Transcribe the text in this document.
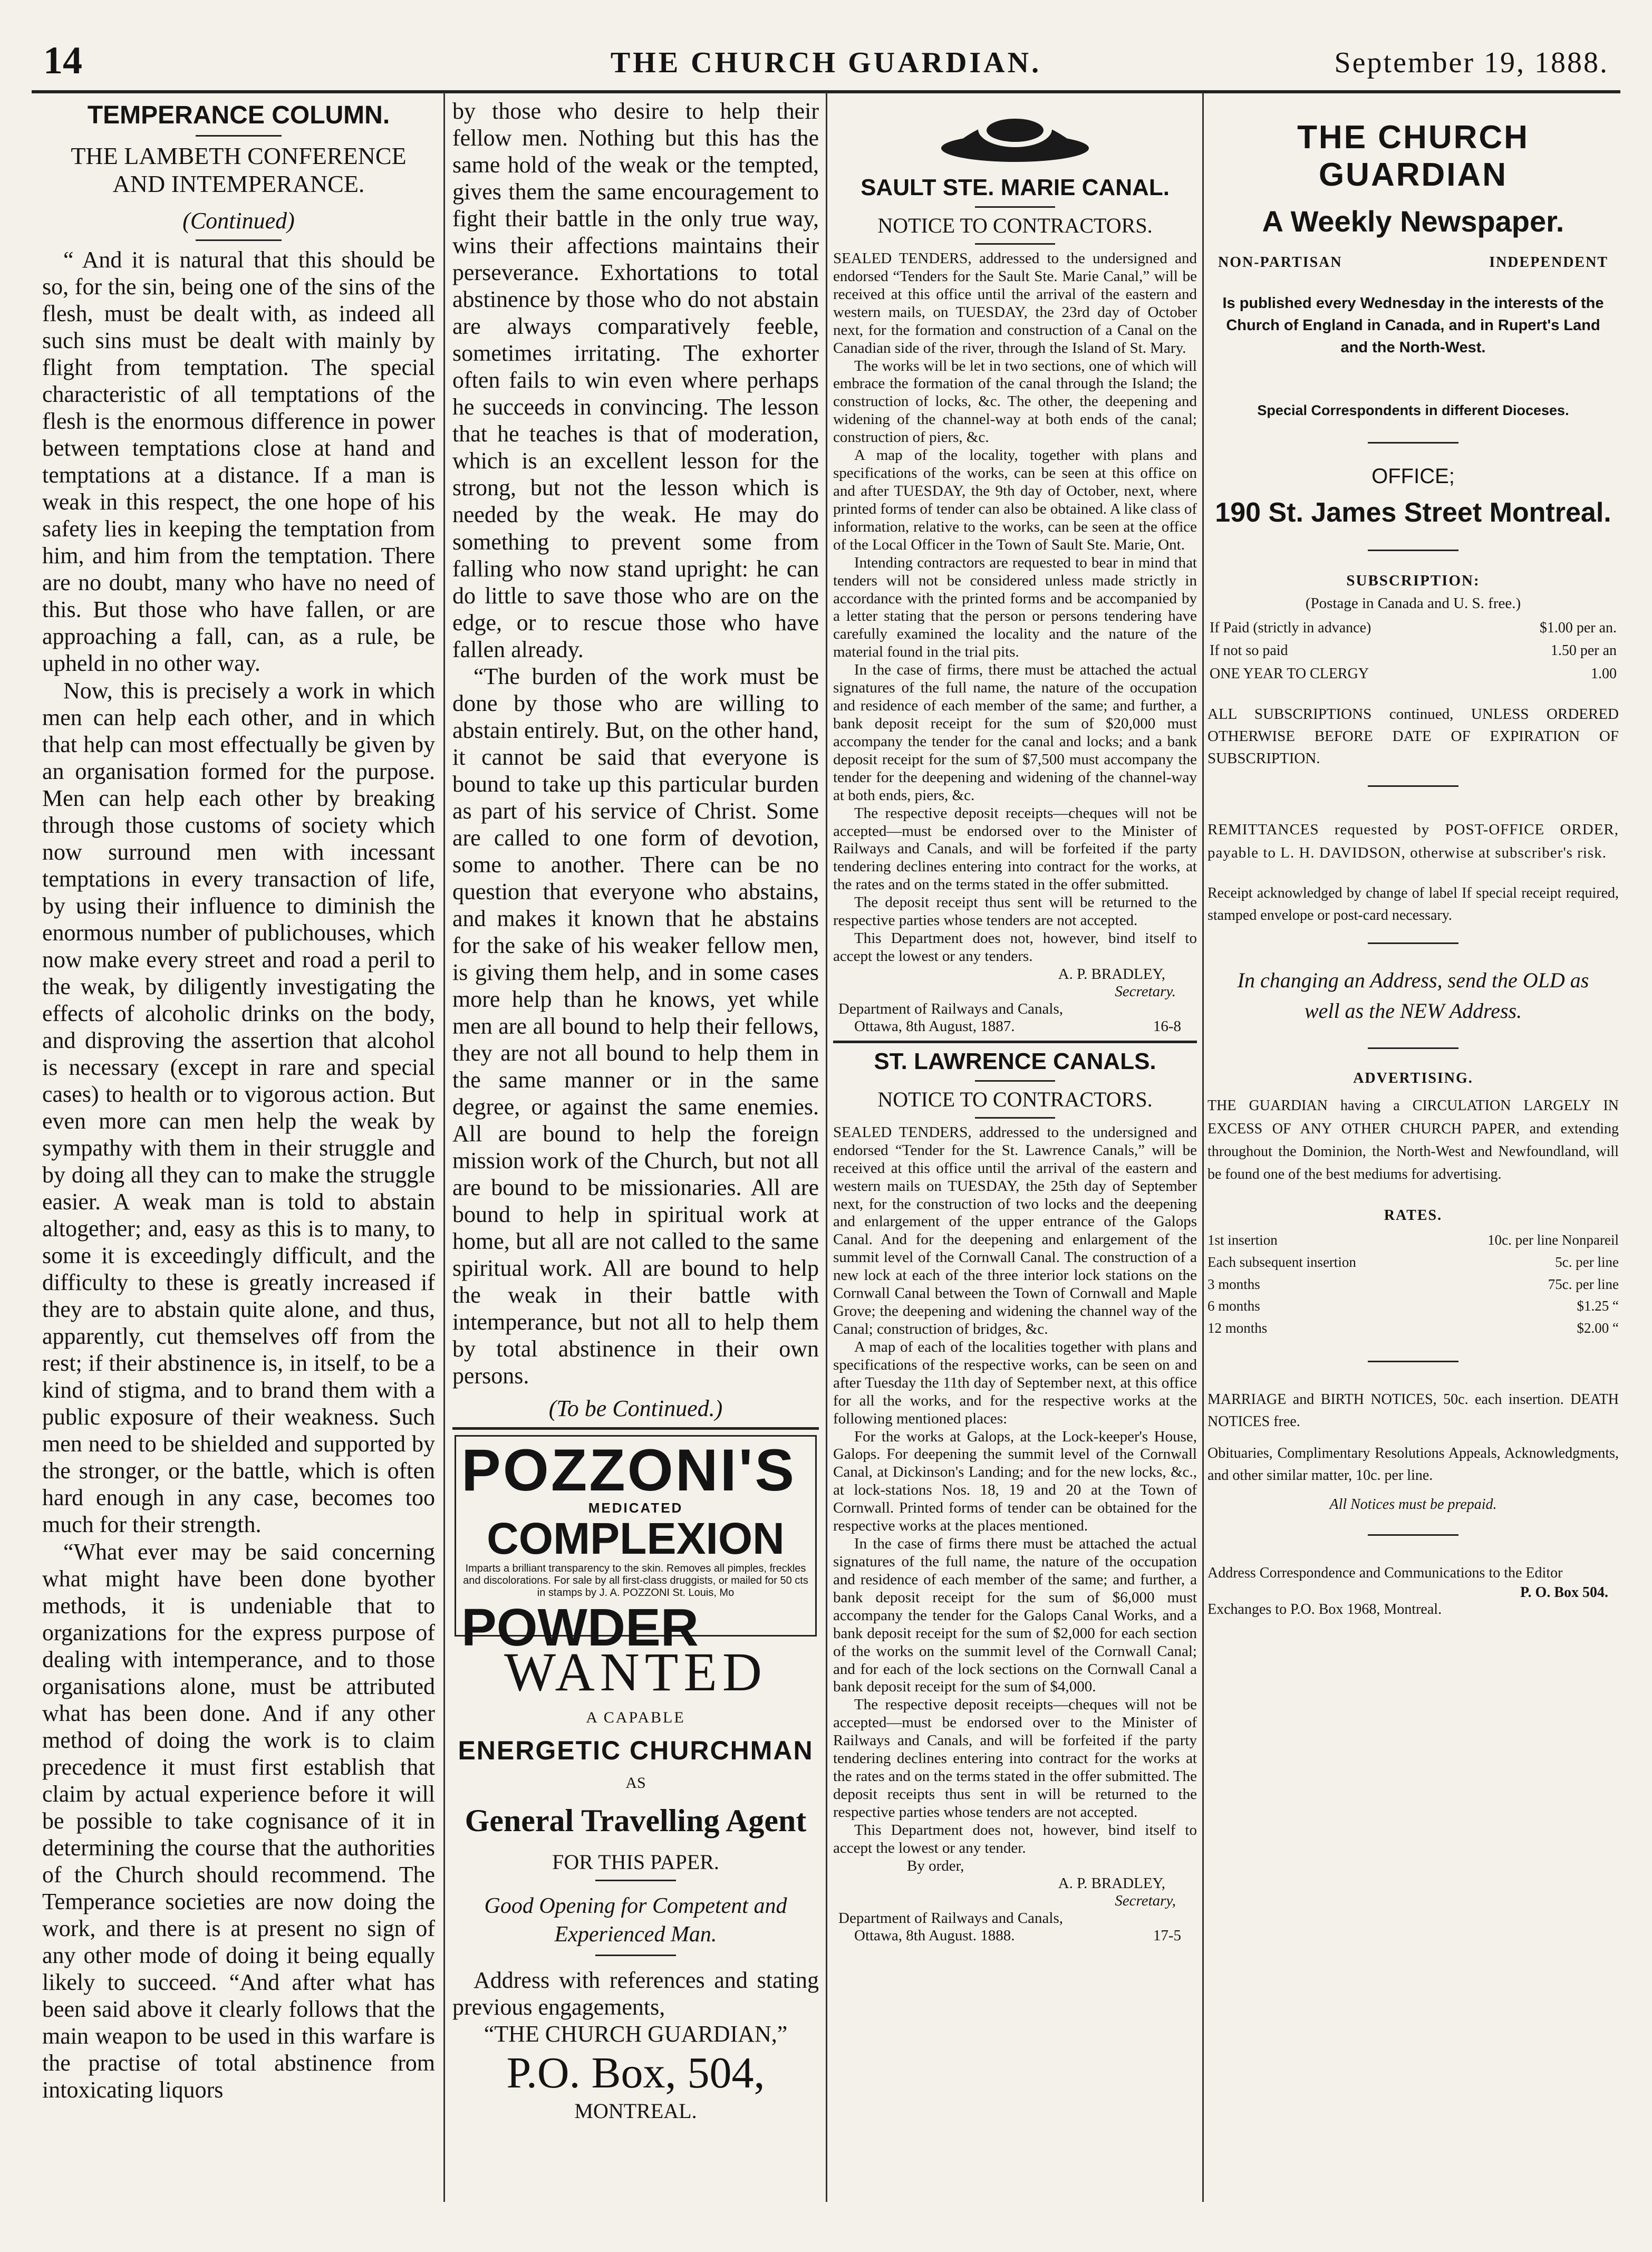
14	THE CHURCH GUARDIAN.	September 19, 1888.
TEMPERANCE COLUMN.
THE LAMBETH CONFERENCE
AND INTEMPERANCE.
(Continued)

“ And it is natural that this should be so, for the sin, being one of the sins of the flesh, must be dealt with, as indeed all such sins must be dealt with mainly by flight from temptation. The special characteristic of all temptations of the flesh is the enormous difference in power between temptations close at hand and temptations at a distance. If a man is weak in this respect, the one hope of his safety lies in keeping the temptation from him, and him from the temptation. There are no doubt, many who have no need of this. But those who have fallen, or are approaching a fall, can, as a rule, be upheld in no other way.

Now, this is precisely a work in which men can help each other, and in which that help can most effectually be given by an organisation formed for the purpose. Men can help each other by breaking through those customs of society which now surround men with incessant temptations in every transaction of life, by using their influence to diminish the enormous number of publichouses, which now make every street and road a peril to the weak, by diligently investigating the effects of alcoholic drinks on the body, and disproving the assertion that alcohol is necessary (except in rare and special cases) to health or to vigorous action. But even more can men help the weak by sympathy with them in their struggle and by doing all they can to make the struggle easier. A weak man is told to abstain altogether; and, easy as this is to many, to some it is exceedingly difficult, and the difficulty to these is greatly increased if they are to abstain quite alone, and thus, apparently, cut themselves off from the rest; if their abstinence is, in itself, to be a kind of stigma, and to brand them with a public exposure of their weakness. Such men need to be shielded and supported by the stronger, or the battle, which is often hard enough in any case, becomes too much for their strength.

“What ever may be said concerning what might have been done byother methods, it is undeniable that to organizations for the express purpose of dealing with intemperance, and to those organisations alone, must be attributed what has been done. And if any other method of doing the work is to claim precedence it must first establish that claim by actual experience before it will be possible to take cognisance of it in determining the course that the authorities of the Church should recommend. The Temperance societies are now doing the work, and there is at present no sign of any other mode of doing it being equally likely to succeed. “And after what has been said above it clearly follows that the main weapon to be used in this warfare is the practise of total abstinence from intoxicating liquors

by those who desire to help their fellow men. Nothing but this has the same hold of the weak or the tempted, gives them the same encouragement to fight their battle in the only true way, wins their affections maintains their perseverance. Exhortations to total abstinence by those who do not abstain are always comparatively feeble, sometimes irritating. The exhorter often fails to win even where perhaps he succeeds in convincing. The lesson that he teaches is that of moderation, which is an excellent lesson for the strong, but not the lesson which is needed by the weak. He may do something to prevent some from falling who now stand upright: he can do little to save those who are on the edge, or to rescue those who have fallen already.

“The burden of the work must be done by those who are willing to abstain entirely. But, on the other hand, it cannot be said that everyone is bound to take up this particular burden as part of his service of Christ. Some are called to one form of devotion, some to another. There can be no question that everyone who abstains, and makes it known that he abstains for the sake of his weaker fellow men, is giving them help, and in some cases more help than he knows, yet while men are all bound to help their fellows, they are not all bound to help them in the same manner or in the same degree, or against the same enemies. All are bound to help the foreign mission work of the Church, but not all are bound to be missionaries. All are bound to help in spiritual work at home, but all are not called to the same spiritual work. All are bound to help the weak in their battle with intemperance, but not all to help them by total abstinence in their own persons.

(To be Continued.)
POZZONI'S
MEDICATED
COMPLEXION
Imparts a brilliant transparency to the skin. Removes all pimples, freckles and discolorations. For sale by all first-class druggists, or mailed for 50 cts in stamps by J. A. POZZONI St. Louis, Mo
POWDER
WANTED
A CAPABLE
ENERGETIC CHURCHMAN
AS
General Travelling Agent
FOR THIS PAPER.
Good Opening for Competent and Experienced Man.

Address with references and stating previous engagements,

“THE CHURCH GUARDIAN,”
P.O. Box, 504,
MONTREAL.
SAULT STE. MARIE CANAL.
NOTICE TO CONTRACTORS.

SEALED TENDERS, addressed to the undersigned and endorsed “Tenders for the Sault Ste. Marie Canal,” will be received at this office until the arrival of the eastern and western mails, on TUESDAY, the 23rd day of October next, for the formation and construction of a Canal on the Canadian side of the river, through the Island of St. Mary.

The works will be let in two sections, one of which will embrace the formation of the canal through the Island; the construction of locks, &c. The other, the deepening and widening of the channel-way at both ends of the canal; construction of piers, &c.

A map of the locality, together with plans and specifications of the works, can be seen at this office on and after TUESDAY, the 9th day of October, next, where printed forms of tender can also be obtained. A like class of information, relative to the works, can be seen at the office of the Local Officer in the Town of Sault Ste. Marie, Ont.

Intending contractors are requested to bear in mind that tenders will not be considered unless made strictly in accordance with the printed forms and be accompanied by a letter stating that the person or persons tendering have carefully examined the locality and the nature of the material found in the trial pits.

In the case of firms, there must be attached the actual signatures of the full name, the nature of the occupation and residence of each member of the same; and further, a bank deposit receipt for the sum of $20,000 must accompany the tender for the canal and locks; and a bank deposit receipt for the sum of $7,500 must accompany the tender for the deepening and widening of the channel-way at both ends, piers, &c.

The respective deposit receipts—cheques will not be accepted—must be endorsed over to the Minister of Railways and Canals, and will be forfeited if the party tendering declines entering into contract for the works, at the rates and on the terms stated in the offer submitted.

The deposit receipt thus sent will be returned to the respective parties whose tenders are not accepted.

This Department does not, however, bind itself to accept the lowest or any tenders.

A. P. BRADLEY,
Secretary.
Department of Railways and Canals,
Ottawa, 8th August, 1887.	16-8
ST. LAWRENCE CANALS.
NOTICE TO CONTRACTORS.

SEALED TENDERS, addressed to the undersigned and endorsed “Tender for the St. Lawrence Canals,” will be received at this office until the arrival of the eastern and western mails on TUESDAY, the 25th day of September next, for the construction of two locks and the deepening and enlargement of the upper entrance of the Galops Canal. And for the deepening and enlargement of the summit level of the Cornwall Canal. The construction of a new lock at each of the three interior lock stations on the Cornwall Canal between the Town of Cornwall and Maple Grove; the deepening and widening the channel way of the Canal; construction of bridges, &c.

A map of each of the localities together with plans and specifications of the respective works, can be seen on and after Tuesday the 11th day of September next, at this office for all the works, and for the respective works at the following mentioned places:

For the works at Galops, at the Lock-keeper's House, Galops. For deepening the summit level of the Cornwall Canal, at Dickinson's Landing; and for the new locks, &c., at lock-stations Nos. 18, 19 and 20 at the Town of Cornwall. Printed forms of tender can be obtained for the respective works at the places mentioned.

In the case of firms there must be attached the actual signatures of the full name, the nature of the occupation and residence of each member of the same; and further, a bank deposit receipt for the sum of $6,000 must accompany the tender for the Galops Canal Works, and a bank deposit receipt for the sum of $2,000 for each section of the works on the summit level of the Cornwall Canal; and for each of the lock sections on the Cornwall Canal a bank deposit receipt for the sum of $4,000.

The respective deposit receipts—cheques will not be accepted—must be endorsed over to the Minister of Railways and Canals, and will be forfeited if the party tendering declines entering into contract for the works at the rates and on the terms stated in the offer submitted. The deposit receipts thus sent in will be returned to the respective parties whose tenders are not accepted.

This Department does not, however, bind itself to accept the lowest or any tender.

By order,
A. P. BRADLEY,
Secretary,
Department of Railways and Canals,
Ottawa, 8th August. 1888.	17-5
THE CHURCH GUARDIAN
A Weekly Newspaper.
NON-PARTISAN	INDEPENDENT

Is published every Wednesday in the interests of the Church of England in Canada, and in Rupert's Land and the North-West.

Special Correspondents in different Dioceses.

OFFICE;
190 St. James Street Montreal.
SUBSCRIPTION:
(Postage in Canada and U. S. free.)
If Paid (strictly in advance)	$1.00 per an.
If not so paid	1.50 per an
ONE YEAR TO CLERGY	1.00

ALL SUBSCRIPTIONS continued, UNLESS ORDERED OTHERWISE BEFORE DATE OF EXPIRATION OF SUBSCRIPTION.

REMITTANCES requested by POST-OFFICE ORDER, payable to L. H. DAVIDSON, otherwise at subscriber's risk.

Receipt acknowledged by change of label If special receipt required, stamped envelope or post-card necessary.

In changing an Address, send the OLD as well as the NEW Address.

ADVERTISING.

THE GUARDIAN having a CIRCULATION LARGELY IN EXCESS OF ANY OTHER CHURCH PAPER, and extending throughout the Dominion, the North-West and Newfoundland, will be found one of the best mediums for advertising.

RATES.
1st insertion	10c. per line Nonpareil
Each subsequent insertion	5c. per line
3 months	75c. per line
6 months	$1.25 “
12 months	$2.00 “

MARRIAGE and BIRTH NOTICES, 50c. each insertion. DEATH NOTICES free.

Obituaries, Complimentary Resolutions Appeals, Acknowledgments, and other similar matter, 10c. per line.

All Notices must be prepaid.

Address Correspondence and Communications to the Editor

P. O. Box 504.
Exchanges to P.O. Box 1968, Montreal.
